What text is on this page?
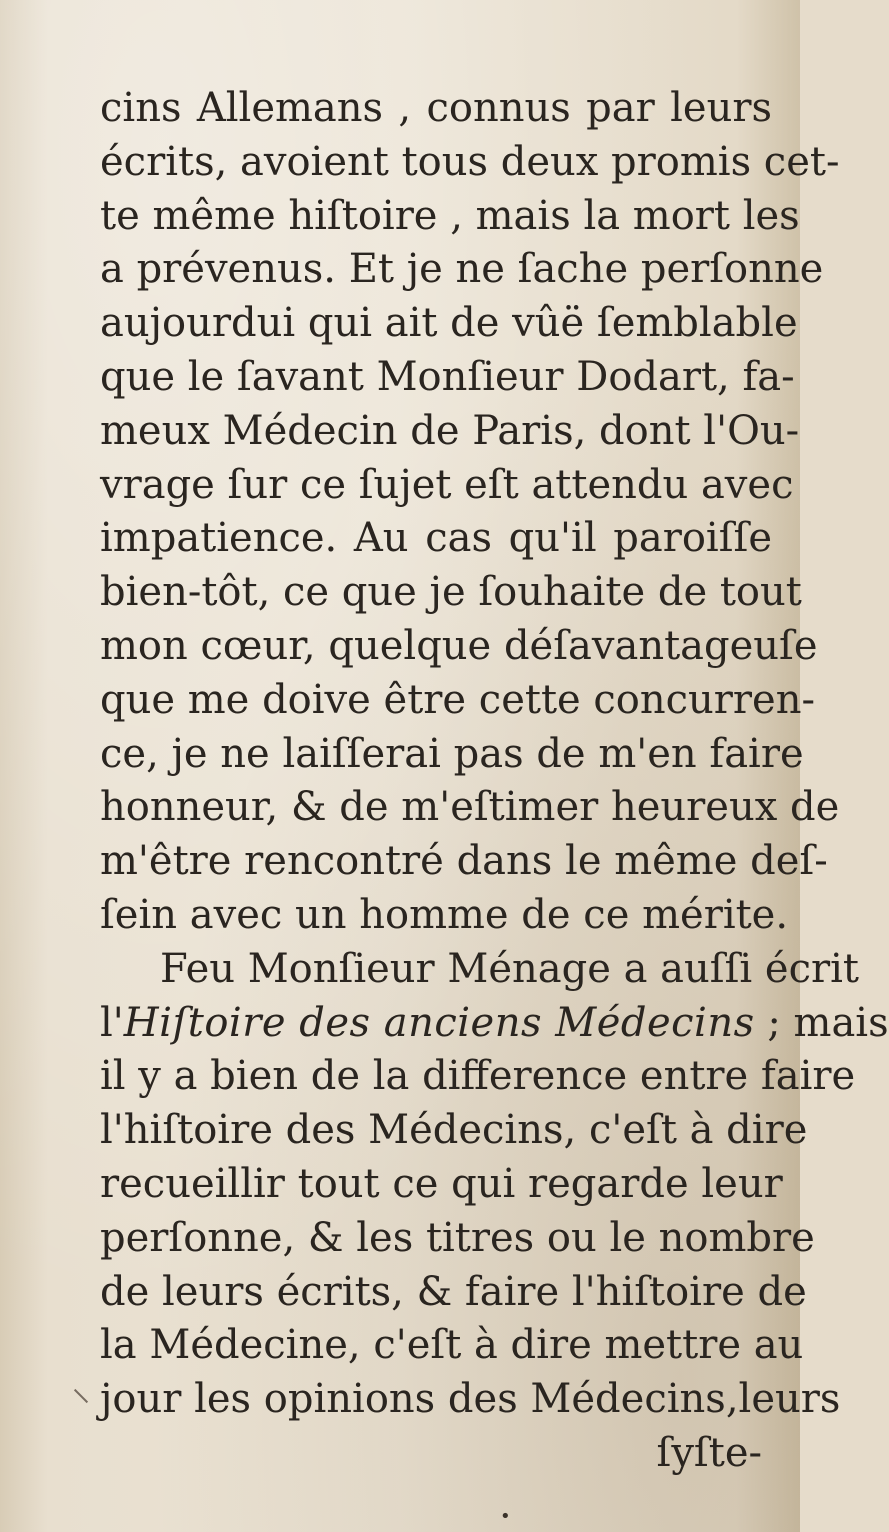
cins Allemans , connus par leurs
écrits, avoient tous deux promis cet-
te même hiſtoire , mais la mort les
a prévenus. Et je ne ſache perſonne
aujourdui qui ait de vûë ſemblable
que le ſavant Monſieur Dodart, fa-
meux Médecin de Paris, dont l'Ou-
vrage ſur ce ſujet eſt attendu avec
impatience. Au cas qu'il paroiſſe
bien-tôt, ce que je ſouhaite de tout
mon cœur, quelque déſavantageuſe
que me doive être cette concurren-
ce, je ne laiſſerai pas de m'en faire
honneur, & de m'eſtimer heureux de
m'être rencontré dans le même deſ-
ſein avec un homme de ce mérite.
Feu Monſieur Ménage a auſſi écrit
l'Hiſtoire des anciens Médecins ; mais
il y a bien de la difference entre faire
l'hiſtoire des Médecins, c'eſt à dire
recueillir tout ce qui regarde leur
perſonne, & les titres ou le nombre
de leurs écrits, & faire l'hiſtoire de
la Médecine, c'eſt à dire mettre au
jour les opinions des Médecins,leurs
ſyſte-
•
